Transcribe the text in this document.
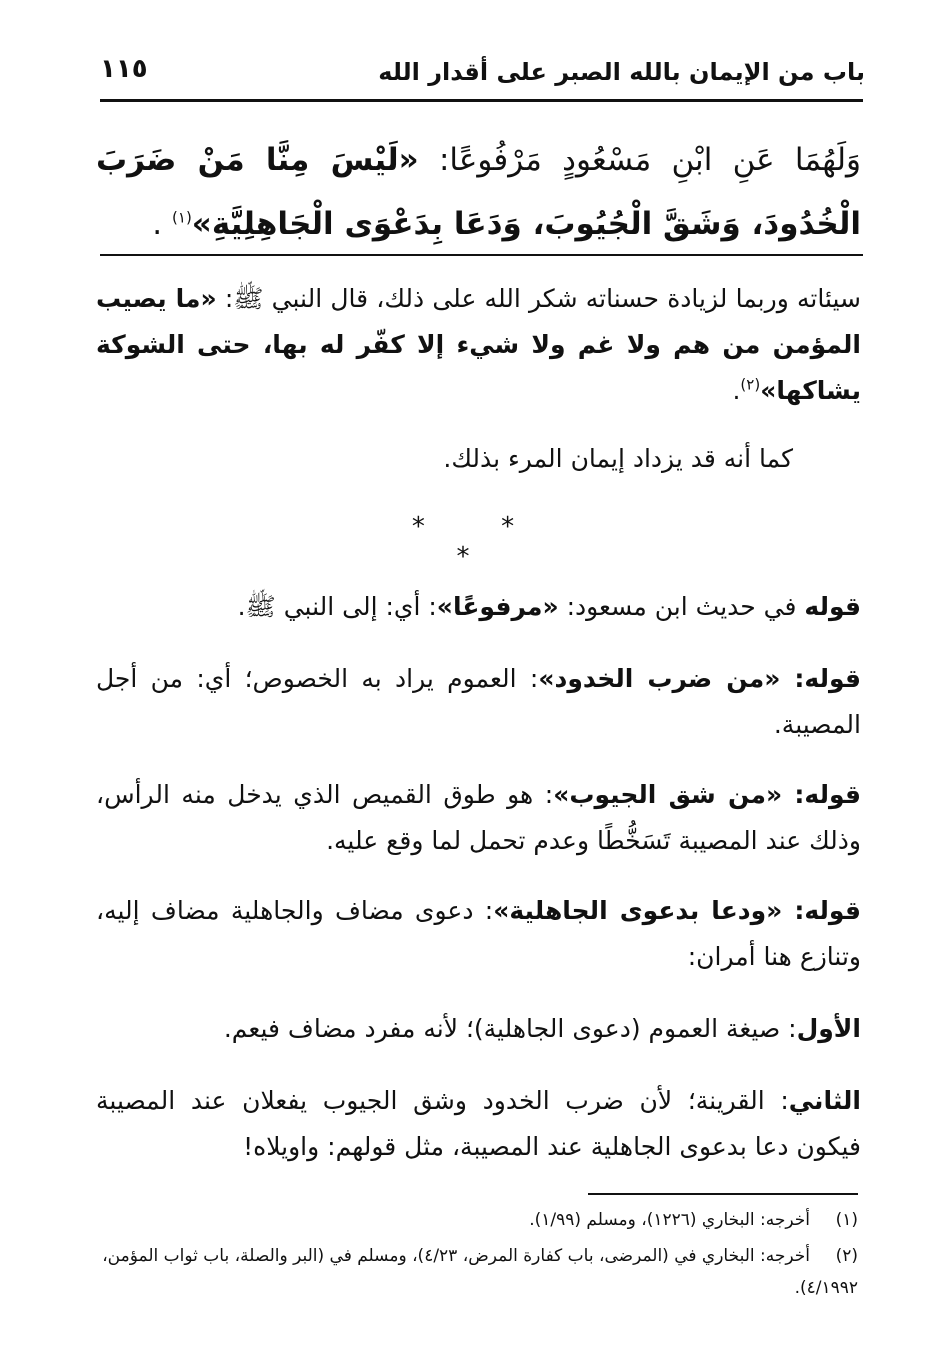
باب من الإيمان بالله الصبر على أقدار الله
١١٥
وَلَهُمَا عَنِ ابْنِ مَسْعُودٍ مَرْفُوعًا: «لَيْسَ مِنَّا مَنْ ضَرَبَ الْخُدُودَ، وَشَقَّ الْجُيُوبَ، وَدَعَا بِدَعْوَى الْجَاهِلِيَّةِ»$^{(١)}$ .
سيئاته وربما لزيادة حسناته شكر الله على ذلك، قال النبي ﷺ: «ما يصيب المؤمن من هم ولا غم ولا شيء إلا كفّر له بها، حتى الشوكة يشاكها»$^{(٢)}$.
كما أنه قد يزداد إيمان المرء بذلك.
* * *
قوله في حديث ابن مسعود: «مرفوعًا»: أي: إلى النبي ﷺ.
قوله: «من ضرب الخدود»: العموم يراد به الخصوص؛ أي: من أجل المصيبة.
قوله: «من شق الجيوب»: هو طوق القميص الذي يدخل منه الرأس، وذلك عند المصيبة تَسَخُّطًا وعدم تحمل لما وقع عليه.
قوله: «ودعا بدعوى الجاهلية»: دعوى مضاف والجاهلية مضاف إليه، وتنازع هنا أمران:
الأول: صيغة العموم (دعوى الجاهلية)؛ لأنه مفرد مضاف فيعم.
الثاني: القرينة؛ لأن ضرب الخدود وشق الجيوب يفعلان عند المصيبة فيكون دعا بدعوى الجاهلية عند المصيبة، مثل قولهم: واويلاه!
(١)أخرجه: البخاري (١٢٢٦)، ومسلم (١/٩٩).
(٢)أخرجه: البخاري في (المرضى، باب كفارة المرض، ٤/٢٣)، ومسلم في (البر والصلة، باب ثواب المؤمن، ٤/١٩٩٢).
